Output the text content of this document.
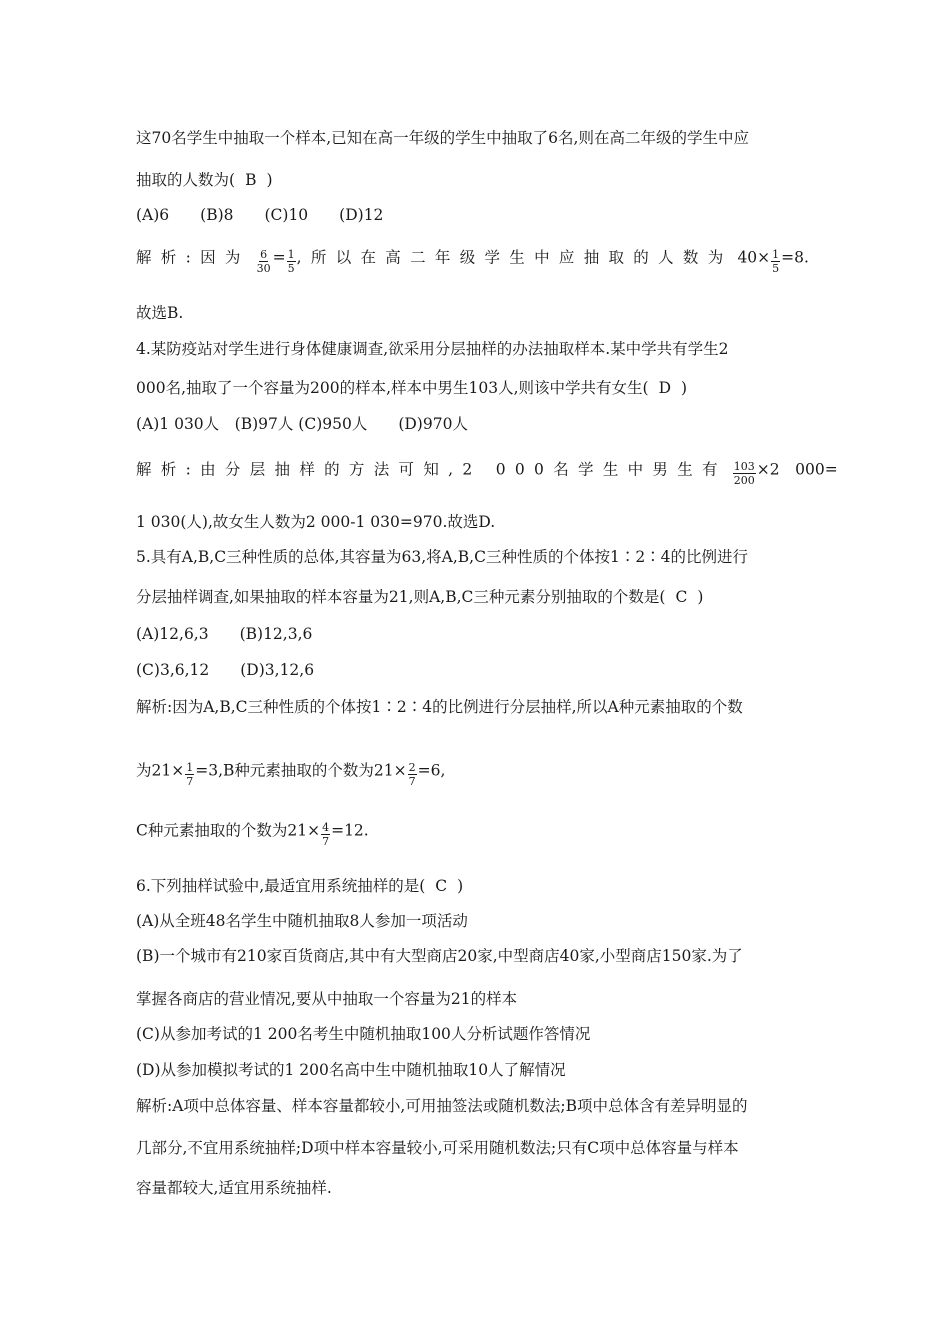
这70名学生中抽取一个样本,已知在高一年级的学生中抽取了6名,则在高二年级的学生中应
抽取的人数为( B )
(A)6　　(B)8　　(C)10　　(D)12
解析:因为 $\frac{6}{30} = \frac{1}{5}$ ,所以在高二年级学生中应抽取的人数为 $40\times \frac{1}{5} =8$.
故选B.
4.某防疫站对学生进行身体健康调查,欲采用分层抽样的办法抽取样本.某中学共有学生2
000名,抽取了一个容量为200的样本,样本中男生103人,则该中学共有女生( D )
(A)1 030人　(B)97人 (C)950人　　(D)970人
解析:由分层抽样的方法可知,2 000名学生中男生有 $\frac{103}{200} \times 2$　000=
1 030(人),故女生人数为2 000-1 030=970.故选D.
5.具有A,B,C三种性质的总体,其容量为63,将A,B,C三种性质的个体按1∶2∶4的比例进行
分层抽样调查,如果抽取的样本容量为21,则A,B,C三种元素分别抽取的个数是( C )
(A)12,6,3　　(B)12,3,6
(C)3,6,12　　(D)3,12,6
解析:因为A,B,C三种性质的个体按1∶2∶4的比例进行分层抽样,所以A种元素抽取的个数
为$21\times \frac{1}{7} =3,B$种元素抽取的个数为$21\times \frac{2}{7} =6$,
C种元素抽取的个数为$21\times \frac{4}{7} =12$.
6.下列抽样试验中,最适宜用系统抽样的是( C )
(A)从全班48名学生中随机抽取8人参加一项活动
(B)一个城市有210家百货商店,其中有大型商店20家,中型商店40家,小型商店150家.为了
掌握各商店的营业情况,要从中抽取一个容量为21的样本
(C)从参加考试的1 200名考生中随机抽取100人分析试题作答情况
(D)从参加模拟考试的1 200名高中生中随机抽取10人了解情况
解析:A项中总体容量、样本容量都较小,可用抽签法或随机数法;B项中总体含有差异明显的
几部分,不宜用系统抽样;D项中样本容量较小,可采用随机数法;只有C项中总体容量与样本
容量都较大,适宜用系统抽样.
